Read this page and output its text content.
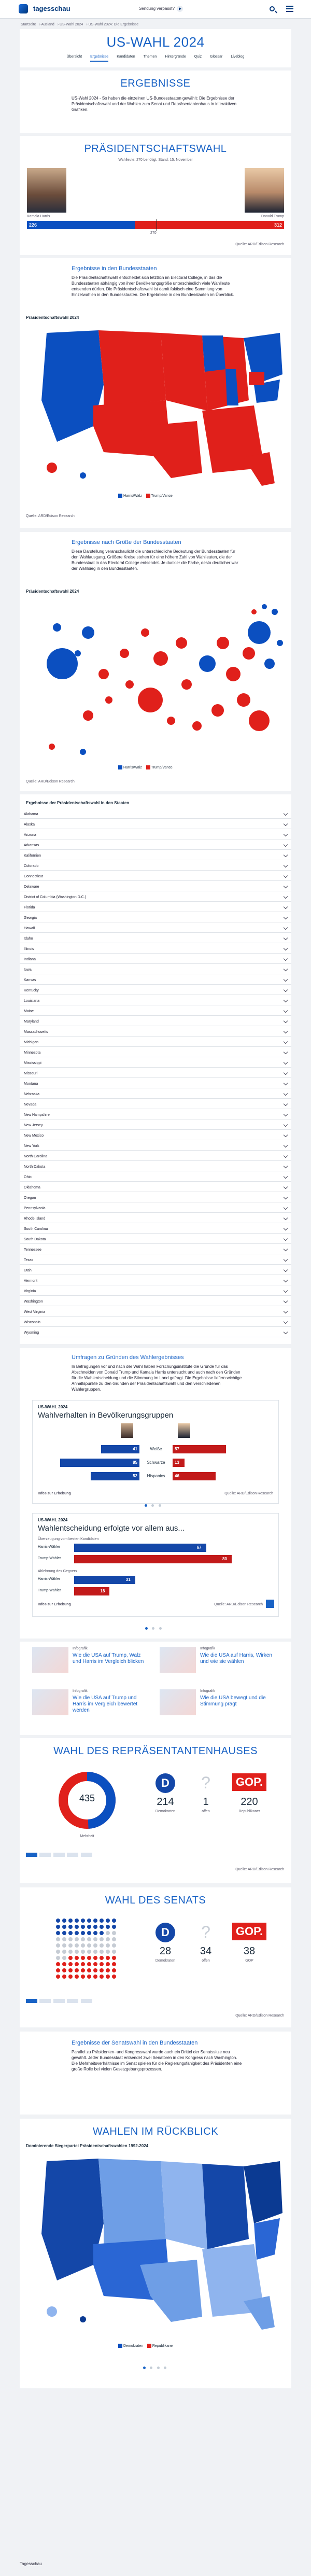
tagesschau	Sendung verpasst?
Startseite › Ausland › US-Wahl 2024 › US-Wahl 2024: Die Ergebnisse
US-WAHL 2024
Übersicht Ergebnisse Kandidaten Themen Hintergründe Quiz Glossar Liveblog
ERGEBNISSE
US-Wahl 2024 - So haben die einzelnen US-Bundesstaaten gewählt: Die Ergebnisse der Präsidentschaftswahl und der Wahlen zum Senat und Repräsentantenhaus in interaktiven Grafiken.
PRÄSIDENTSCHAFTSWAHL
Wahlleute: 270 benötigt, Stand: 15. November
Kamala Harris	Donald Trump
226	312
270
Quelle: ARD/Edison Research
Ergebnisse in den Bundesstaaten
Die Präsidentschaftswahl entscheidet sich letztlich im Electoral College, in das die Bundesstaaten abhängig von ihrer Bevölkerungsgröße unterschiedlich viele Wahlleute entsenden dürfen. Die Präsidentschaftswahl ist damit faktisch eine Sammlung von Einzelwahlen in den Bundesstaaten. Die Ergebnisse in den Bundesstaaten im Überblick.
Präsidentschaftswahl 2024
Harris/Walz	Trump/Vance
Quelle: ARD/Edison Research
Ergebnisse nach Größe der Bundesstaaten
Diese Darstellung veranschaulicht die unterschiedliche Bedeutung der Bundesstaaten für den Wahlausgang. Größere Kreise stehen für eine höhere Zahl von Wahlleuten, die der Bundesstaat in das Electoral College entsendet. Je dunkler die Farbe, desto deutlicher war der Wahlsieg in den Bundesstaaten.
Präsidentschaftswahl 2024
Harris/Walz	Trump/Vance
Quelle: ARD/Edison Research
Ergebnisse der Präsidentschaftswahl in den Staaten
Alabama
Alaska
Arizona
Arkansas
Kalifornien
Colorado
Connecticut
Delaware
District of Columbia (Washington D.C.)
Florida
Georgia
Hawaii
Idaho
Illinois
Indiana
Iowa
Kansas
Kentucky
Louisiana
Maine
Maryland
Massachusetts
Michigan
Minnesota
Mississippi
Missouri
Montana
Nebraska
Nevada
New Hampshire
New Jersey
New Mexico
New York
North Carolina
North Dakota
Ohio
Oklahoma
Oregon
Pennsylvania
Rhode Island
South Carolina
South Dakota
Tennessee
Texas
Utah
Vermont
Virginia
Washington
West Virginia
Wisconsin
Wyoming
Umfragen zu Gründen des Wahlergebnisses
In Befragungen vor und nach der Wahl haben Forschungsinstitute die Gründe für das Abschneiden von Donald Trump und Kamala Harris untersucht und auch nach den Gründen für die Wahlentscheidung und die Stimmung im Land gefragt. Die Ergebnisse liefern wichtige Anhaltspunkte zu den Gründen der Präsidentschaftswahl und den verschiedenen Wählergruppen.
US-WAHL 2024
Wahlverhalten in Bevölkerungsgruppen
41	Weiße	57
85	Schwarze	13
52	Hispanics	46
Infos zur Erhebung	Quelle: ARD/Edison Research

US-WAHL 2024
Wahlentscheidung erfolgte vor allem aus...
Überzeugung vom besten Kandidaten
Harris-Wähler	67
Trump-Wähler	80
Ablehnung des Gegners
Harris-Wähler	31
Trump-Wähler	18
Infos zur Erhebung	Quelle: ARD/Edison Research

Infografik
Wie die USA auf Trump, Walz und Harris im Vergleich blicken
Infografik
Wie die USA auf Harris, Wirken und wie sie wählen
Infografik
Wie die USA auf Trump und Harris im Vergleich bewertet werden
Infografik
Wie die USA bewegt und die Stimmung prägt
WAHL DES REPRÄSENTANTENHAUSES
435
Mehrheit
D
214
Demokraten
?
1
offen
GOP.
220
Republikaner

Quelle: ARD/Edison Research
WAHL DES SENATS
D
28
Demokraten
?
34
offen
GOP.
38
GOP

Quelle: ARD/Edison Research
Ergebnisse der Senatswahl in den Bundesstaaten
Parallel zu Präsidenten- und Kongresswahl wurde auch ein Drittel der Senatssitze neu gewählt. Jeder Bundesstaat entsendet zwei Senatoren in den Kongress nach Washington. Die Mehrheitsverhältnisse im Senat spielen für die Regierungsfähigkeit des Präsidenten eine große Rolle bei vielen Gesetzgebungsprozessen.
WAHLEN IM RÜCKBLICK
Dominierende Siegerpartei Präsidentschaftswahlen 1992-2024
Demokraten	Republikaner

Tagesschau
